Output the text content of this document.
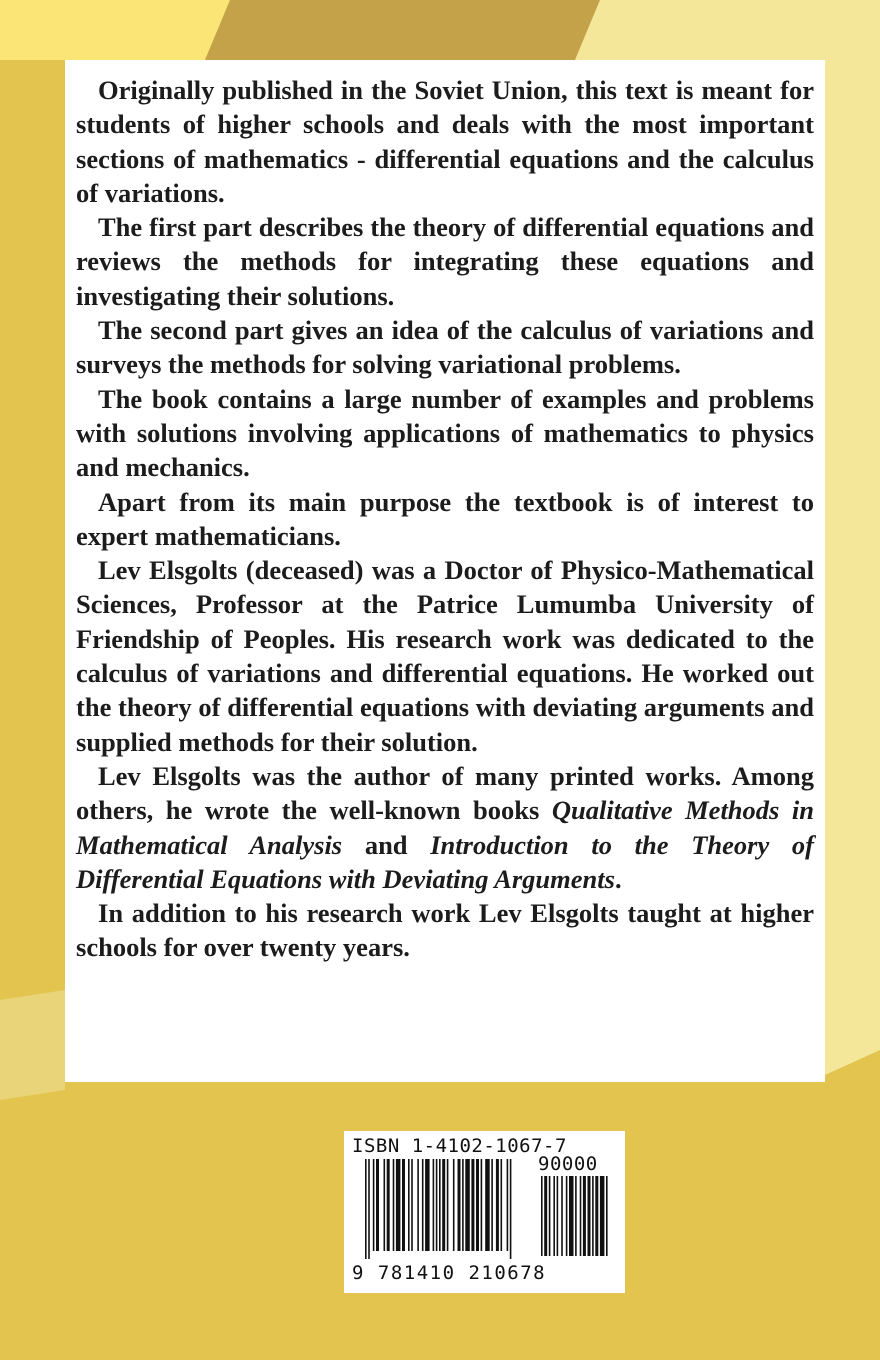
Originally published in the Soviet Union, this text is meant for students of higher schools and deals with the most important sections of mathematics - differential equations and the calculus of variations.

The first part describes the theory of differential equations and reviews the methods for integrating these equations and investigating their solutions.

The second part gives an idea of the calculus of variations and surveys the methods for solving variational problems.

The book contains a large number of examples and problems with solutions involving applications of mathematics to physics and mechanics.

Apart from its main purpose the textbook is of interest to expert mathematicians.

Lev Elsgolts (deceased) was a Doctor of Physico-Mathematical Sciences, Professor at the Patrice Lumumba University of Friendship of Peoples. His research work was dedicated to the calculus of variations and differential equations. He worked out the theory of differential equations with deviating arguments and supplied methods for their solution.

Lev Elsgolts was the author of many printed works. Among others, he wrote the well-known books Qualitative Methods in Mathematical Analysis and Introduction to the Theory of Differential Equations with Deviating Arguments.

In addition to his research work Lev Elsgolts taught at higher schools for over twenty years.

ISBN 1-4102-1067-7
90000
9 781410 210678
